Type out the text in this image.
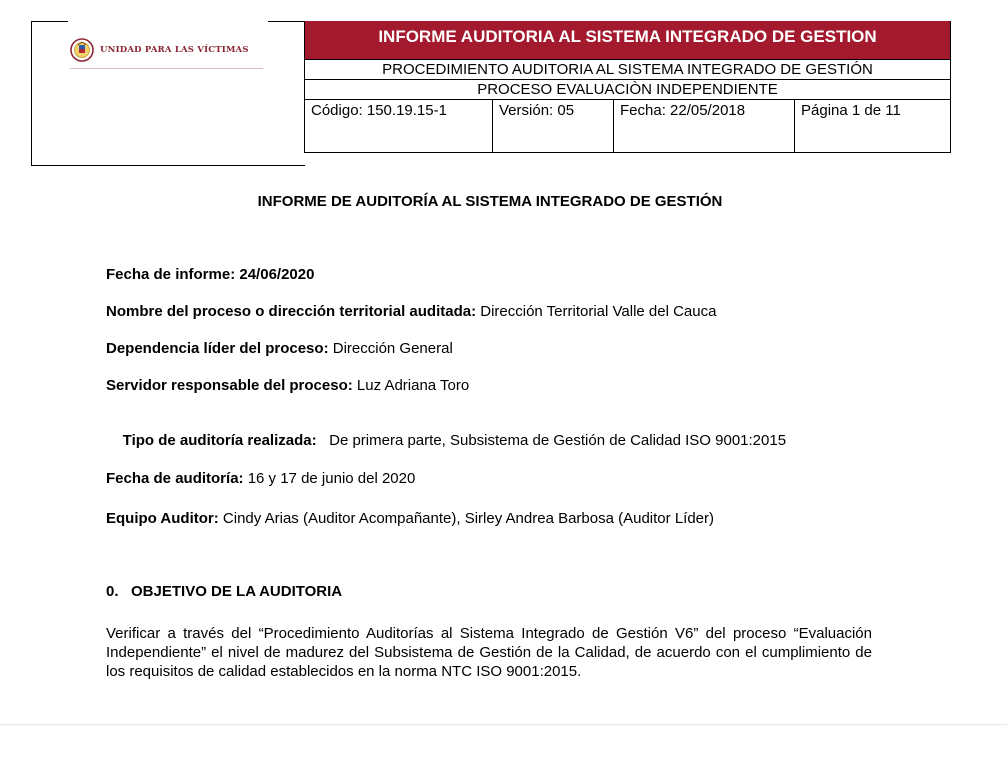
UNIDAD PARA LAS VÍCTIMAS
INFORME AUDITORIA AL SISTEMA INTEGRADO DE GESTION
PROCEDIMIENTO AUDITORIA AL SISTEMA INTEGRADO DE GESTIÓN
PROCESO EVALUACIÒN INDEPENDIENTE
Código: 150.19.15-1	Versión: 05	Fecha: 22/05/2018	Página 1 de 11
INFORME DE AUDITORÍA AL SISTEMA INTEGRADO DE GESTIÓN
Fecha de informe: 24/06/2020
Nombre del proceso o dirección territorial auditada: Dirección Territorial Valle del Cauca
Dependencia líder del proceso: Dirección General
Servidor responsable del proceso: Luz Adriana Toro

Tipo de auditoría realizada:   De primera parte, Subsistema de Gestión de Calidad ISO 9001:2015

Fecha de auditoría: 16 y 17 de junio del 2020
Equipo Auditor: Cindy Arias (Auditor Acompañante), Sirley Andrea Barbosa (Auditor Líder)
0.   OBJETIVO DE LA AUDITORIA
Verificar a través del “Procedimiento Auditorías al Sistema Integrado de Gestión V6” del proceso “Evaluación Independiente” el nivel de madurez del Subsistema de Gestión de la Calidad, de acuerdo con el cumplimiento de los requisitos de calidad establecidos en la norma NTC ISO 9001:2015.
